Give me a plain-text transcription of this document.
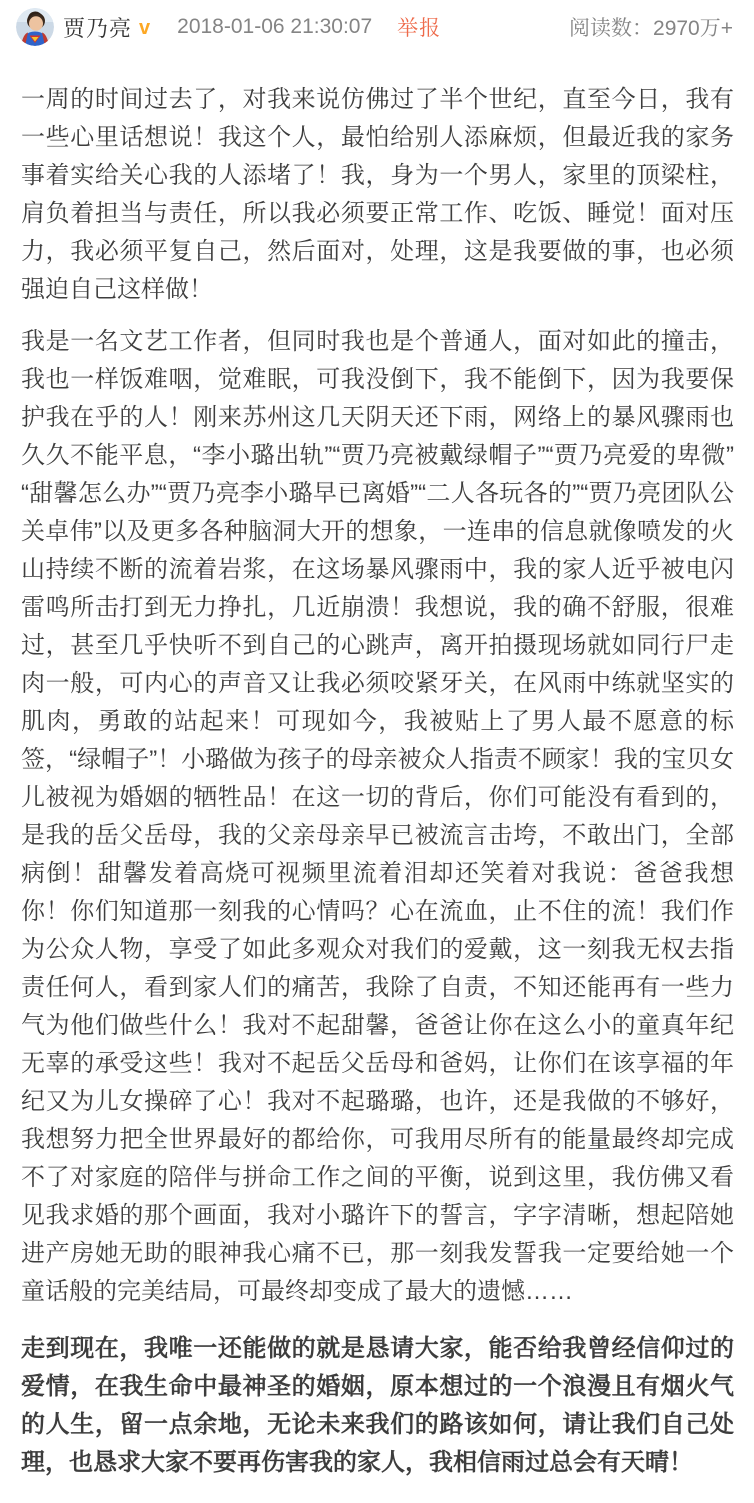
贾乃亮 v 2018-01-06 21:30:07 举报	阅读数：2970万+

一周的时间过去了，对我来说仿佛过了半个世纪，直至今日，我有一些心里话想说！我这个人，最怕给别人添麻烦，但最近我的家务事着实给关心我的人添堵了！我，身为一个男人，家里的顶梁柱，肩负着担当与责任，所以我必须要正常工作、吃饭、睡觉！面对压力，我必须平复自己，然后面对，处理，这是我要做的事，也必须强迫自己这样做！

我是一名文艺工作者，但同时我也是个普通人，面对如此的撞击，我也一样饭难咽，觉难眠，可我没倒下，我不能倒下，因为我要保护我在乎的人！刚来苏州这几天阴天还下雨，网络上的暴风骤雨也久久不能平息，“李小璐出轨”“贾乃亮被戴绿帽子”“贾乃亮爱的卑微”“甜馨怎么办”“贾乃亮李小璐早已离婚”“二人各玩各的”“贾乃亮团队公关卓伟”以及更多各种脑洞大开的想象，一连串的信息就像喷发的火山持续不断的流着岩浆，在这场暴风骤雨中，我的家人近乎被电闪雷鸣所击打到无力挣扎，几近崩溃！我想说，我的确不舒服，很难过，甚至几乎快听不到自己的心跳声，离开拍摄现场就如同行尸走肉一般，可内心的声音又让我必须咬紧牙关，在风雨中练就坚实的肌肉，勇敢的站起来！可现如今，我被贴上了男人最不愿意的标签，“绿帽子”！小璐做为孩子的母亲被众人指责不顾家！我的宝贝女儿被视为婚姻的牺牲品！在这一切的背后，你们可能没有看到的，是我的岳父岳母，我的父亲母亲早已被流言击垮，不敢出门，全部病倒！甜馨发着高烧可视频里流着泪却还笑着对我说：爸爸我想你！你们知道那一刻我的心情吗？心在流血，止不住的流！我们作为公众人物，享受了如此多观众对我们的爱戴，这一刻我无权去指责任何人，看到家人们的痛苦，我除了自责，不知还能再有一些力气为他们做些什么！我对不起甜馨，爸爸让你在这么小的童真年纪无辜的承受这些！我对不起岳父岳母和爸妈，让你们在该享福的年纪又为儿女操碎了心！我对不起璐璐，也许，还是我做的不够好，我想努力把全世界最好的都给你，可我用尽所有的能量最终却完成不了对家庭的陪伴与拼命工作之间的平衡，说到这里，我仿佛又看见我求婚的那个画面，我对小璐许下的誓言，字字清晰，想起陪她进产房她无助的眼神我心痛不已，那一刻我发誓我一定要给她一个童话般的完美结局，可最终却变成了最大的遗憾……

走到现在，我唯一还能做的就是恳请大家，能否给我曾经信仰过的爱情，在我生命中最神圣的婚姻，原本想过的一个浪漫且有烟火气的人生，留一点余地，无论未来我们的路该如何，请让我们自己处理，也恳求大家不要再伤害我的家人，我相信雨过总会有天晴！
